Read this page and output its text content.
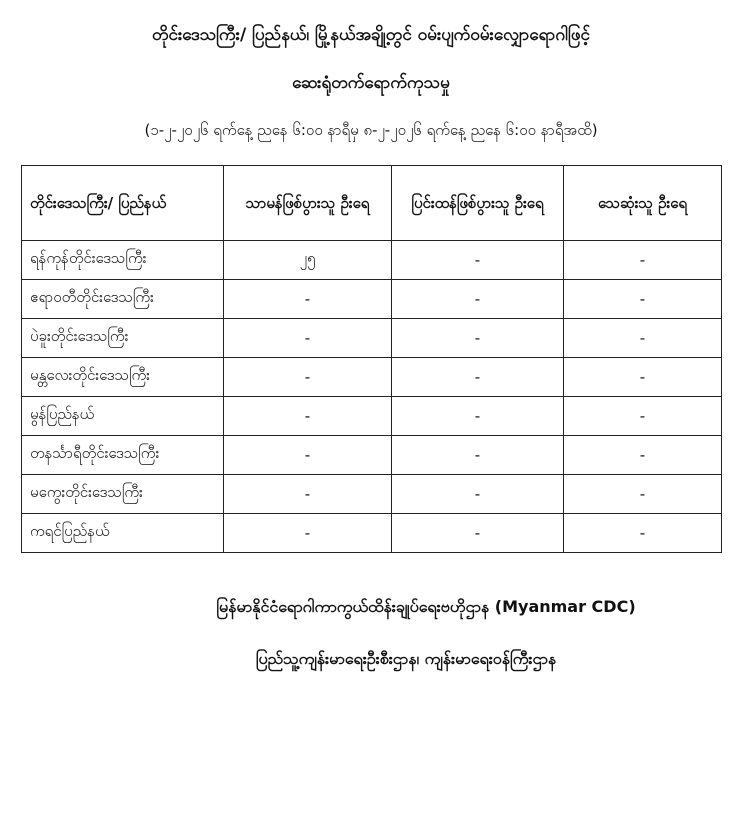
တိုင်းဒေသကြီး/ ပြည်နယ်၊ မြို့နယ်အချို့တွင် ဝမ်းပျက်ဝမ်းလျှောရောဂါဖြင့်
ဆေးရုံတက်ရောက်ကုသမှု
(၁-၂-၂၀၂၆ ရက်နေ့ ညနေ ၆:၀၀ နာရီမှ ၈-၂-၂၀၂၆ ရက်နေ့ ညနေ ၆:၀၀ နာရီအထိ)
တိုင်းဒေသကြီး/ ပြည်နယ်	သာမန်ဖြစ်ပွားသူ ဦးရေ	ပြင်းထန်ဖြစ်ပွားသူ ဦးရေ	သေဆုံးသူ ဦးရေ
ရန်ကုန်တိုင်းဒေသကြီး	၂၅	-	-
ဧရာဝတီတိုင်းဒေသကြီး	-	-	-
ပဲခူးတိုင်းဒေသကြီး	-	-	-
မန္တလေးတိုင်းဒေသကြီး	-	-	-
မွန်ပြည်နယ်	-	-	-
တနင်္သာရီတိုင်းဒေသကြီး	-	-	-
မကွေးတိုင်းဒေသကြီး	-	-	-
ကရင်ပြည်နယ်	-	-	-
မြန်မာနိုင်ငံရောဂါကာကွယ်ထိန်းချုပ်ရေးဗဟိုဌာန (Myanmar CDC)
ပြည်သူ့ကျန်းမာရေးဦးစီးဌာန၊ ကျန်းမာရေးဝန်ကြီးဌာန
